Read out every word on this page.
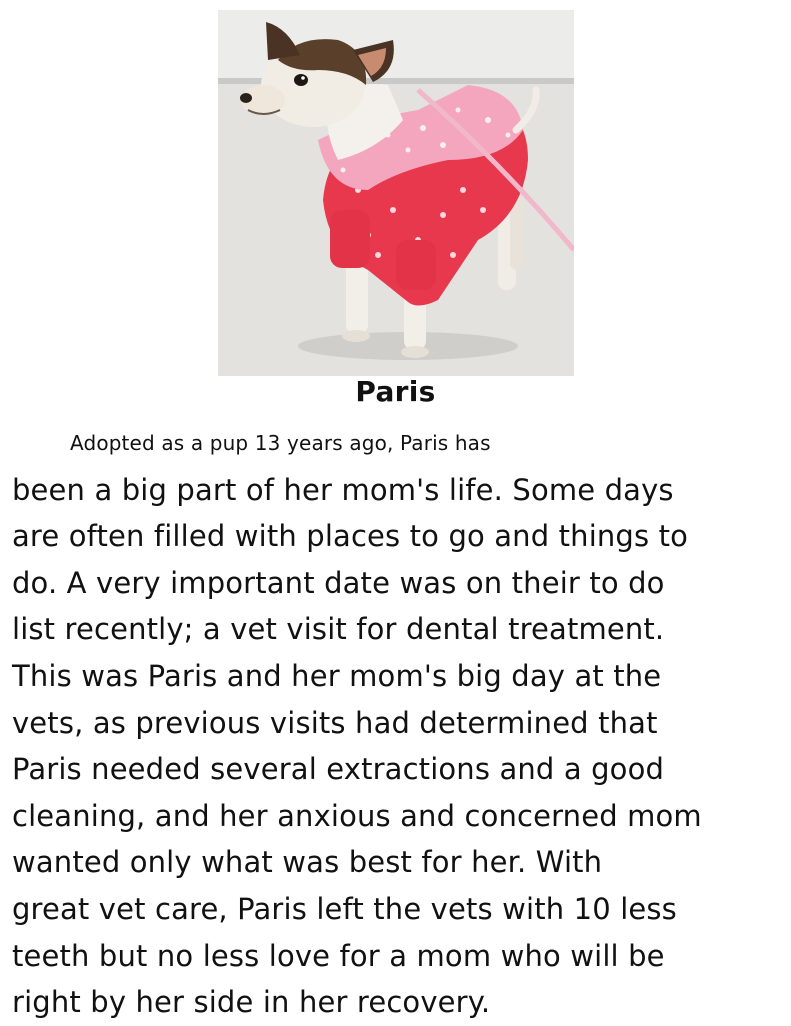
Paris

Adopted as a pup 13 years ago, Paris has
been a big part of her mom's life. Some days
are often filled with places to go and things to
do. A very important date was on their to do
list recently; a vet visit for dental treatment.
This was Paris and her mom's big day at the
vets, as previous visits had determined that
Paris needed several extractions and a good
cleaning, and her anxious and concerned mom
wanted only what was best for her. With
great vet care, Paris left the vets with 10 less
teeth but no less love for a mom who will be
right by her side in her recovery.
